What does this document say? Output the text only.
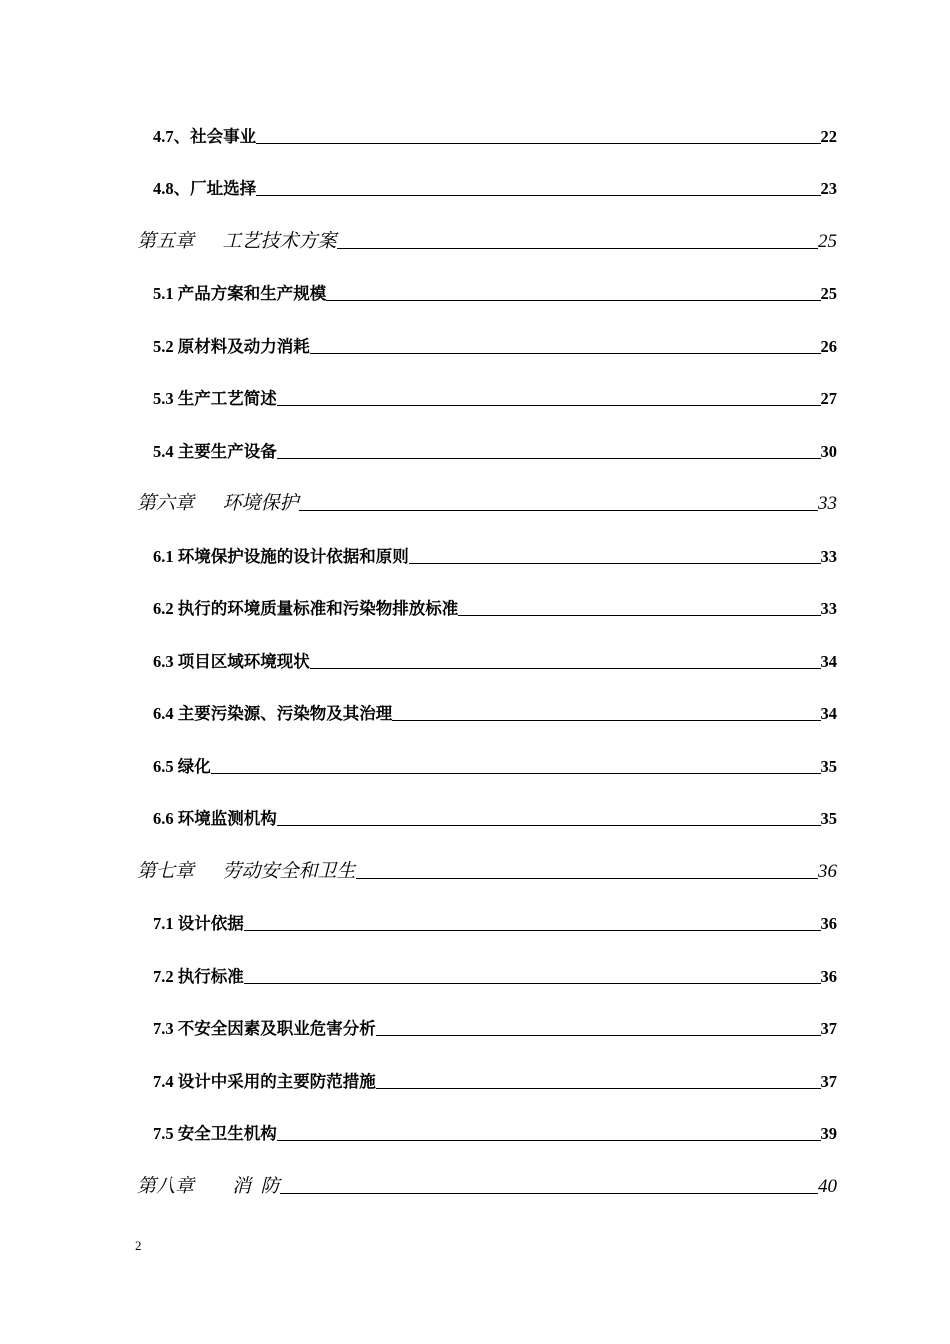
4.7、社会事业	22
4.8、厂址选择	23
第五章      工艺技术方案	25
5.1 产品方案和生产规模	25
5.2 原材料及动力消耗	26
5.3 生产工艺简述	27
5.4 主要生产设备	30
第六章      环境保护	33
6.1 环境保护设施的设计依据和原则	33
6.2 执行的环境质量标准和污染物排放标准	33
6.3 项目区域环境现状	34
6.4 主要污染源、污染物及其治理	34
6.5 绿化	35
6.6 环境监测机构	35
第七章      劳动安全和卫生	36
7.1 设计依据	36
7.2 执行标准	36
7.3 不安全因素及职业危害分析	37
7.4 设计中采用的主要防范措施	37
7.5 安全卫生机构	39
第八章        消  防	40
2
